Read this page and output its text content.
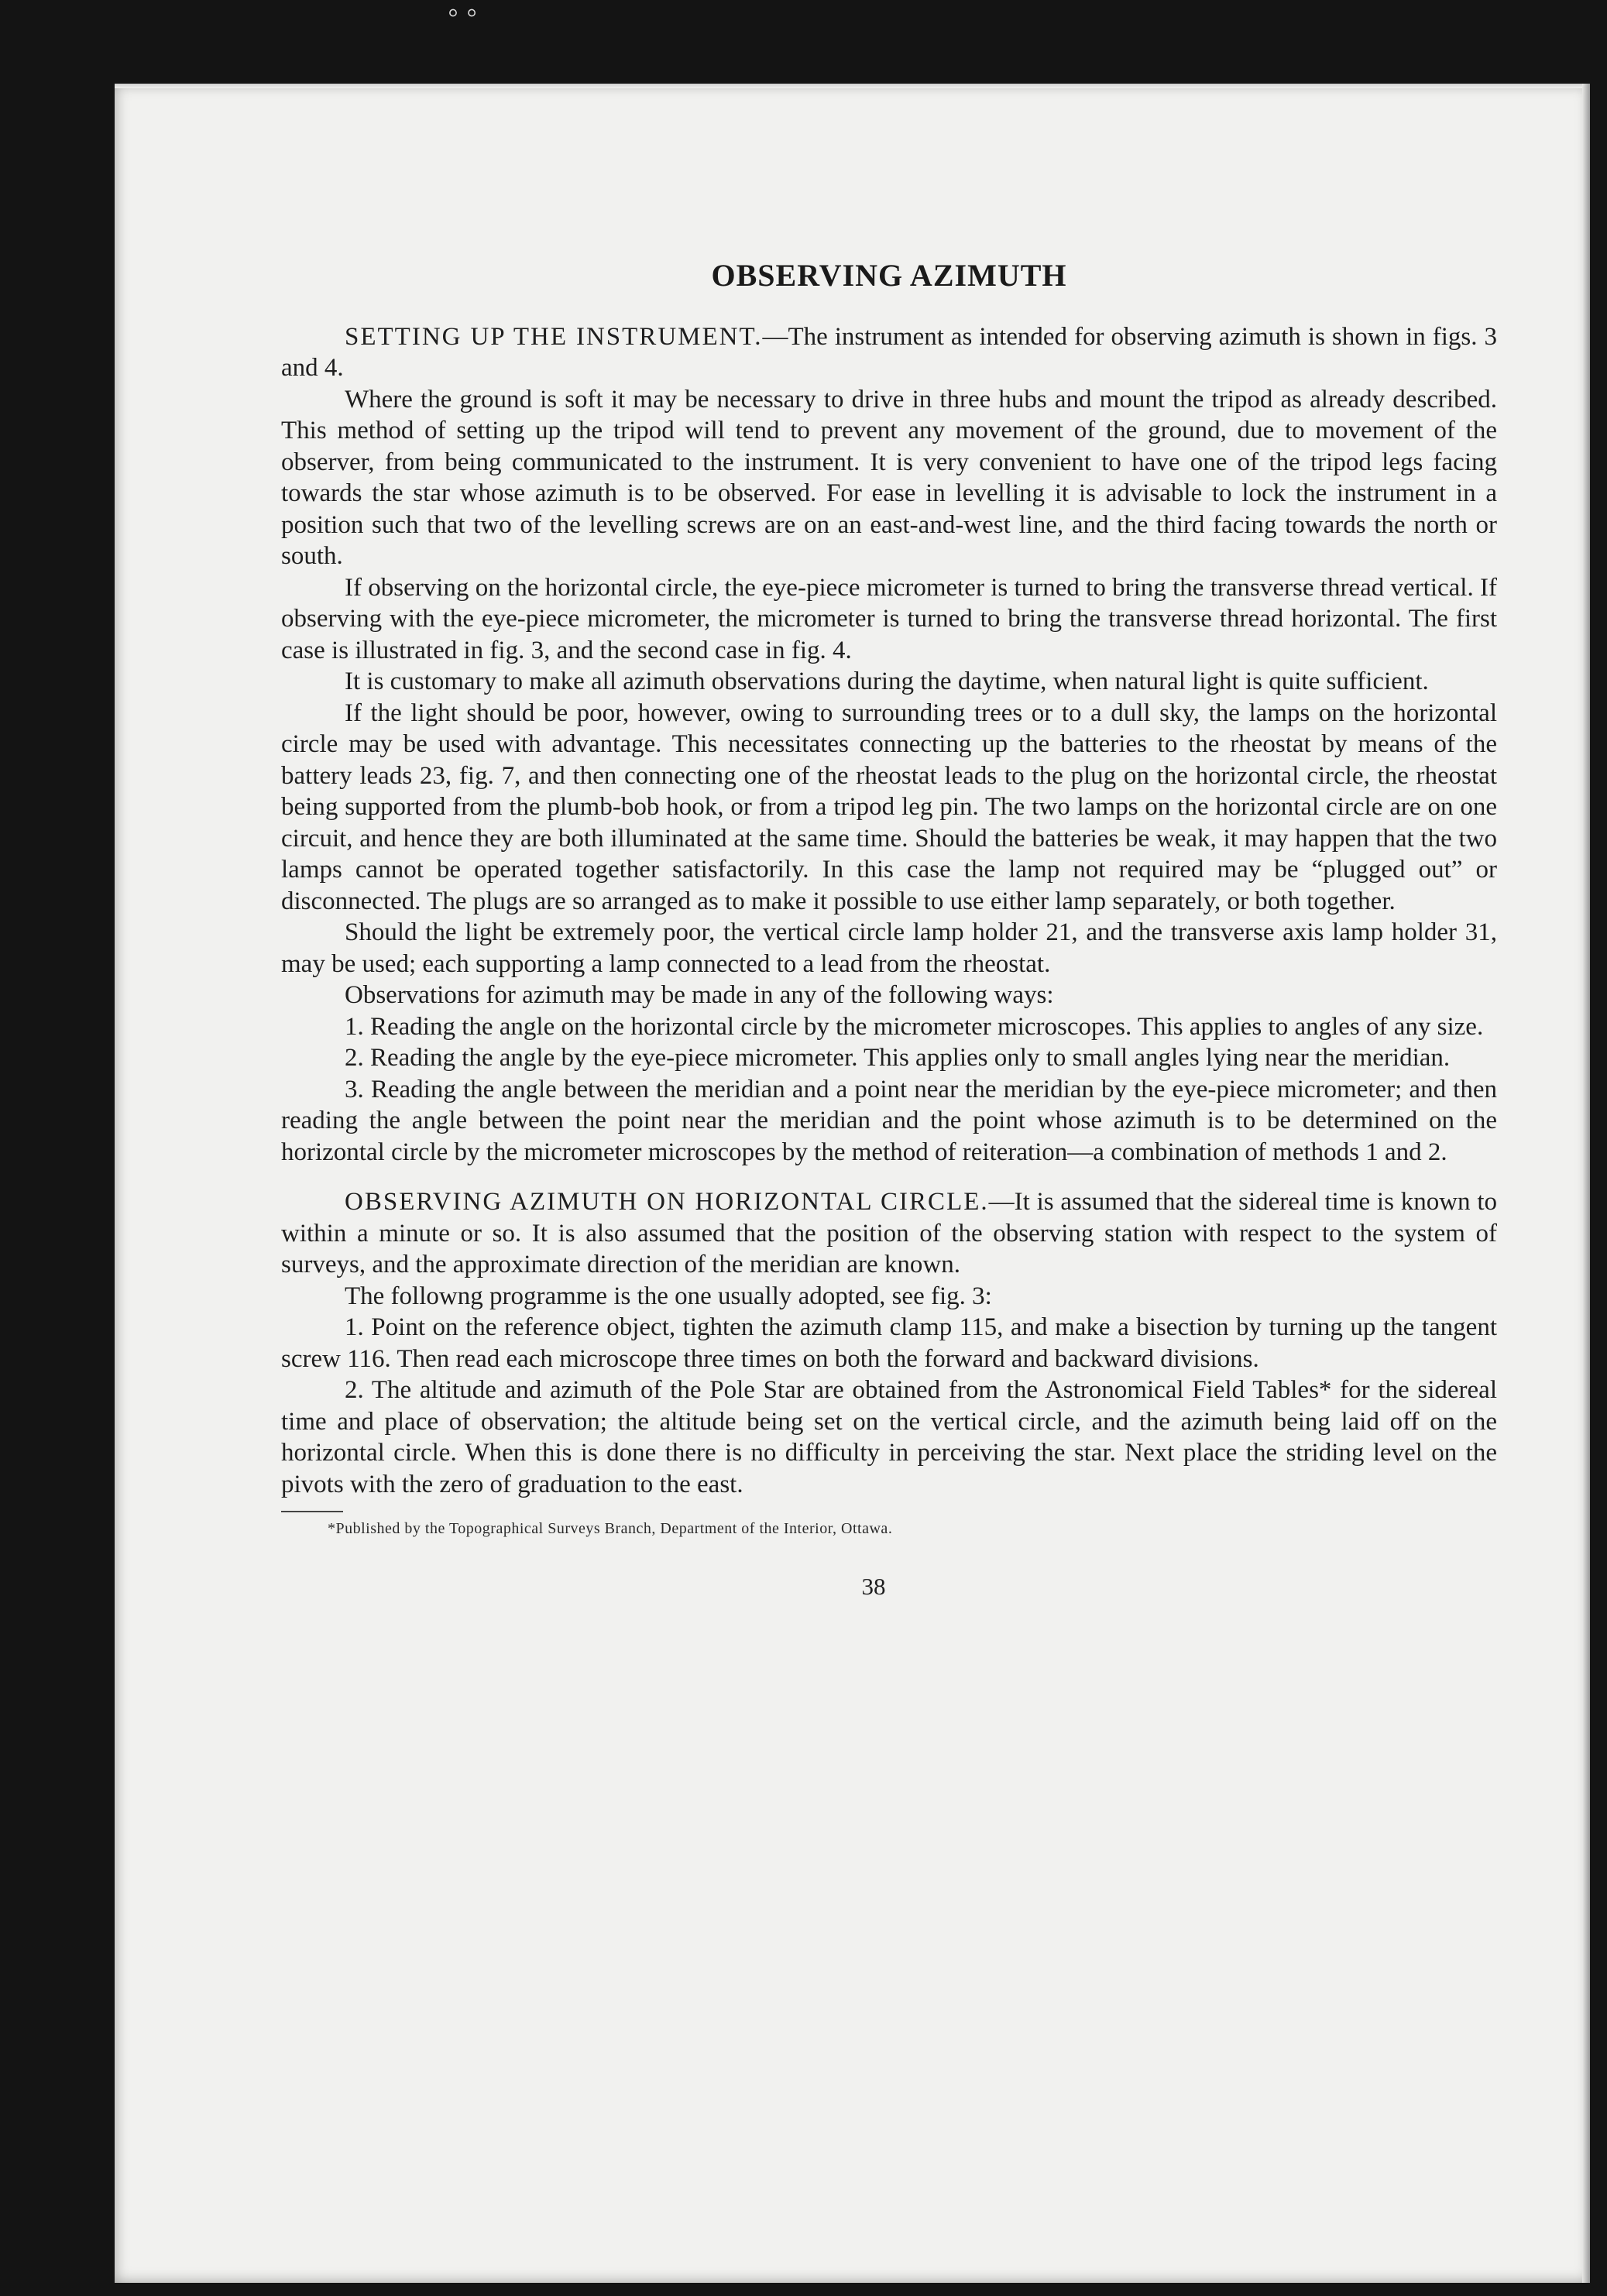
◦ ◦
OBSERVING AZIMUTH

SETTING UP THE INSTRUMENT.—The instrument as intended for observing azimuth is shown in figs. 3 and 4.

Where the ground is soft it may be necessary to drive in three hubs and mount the tripod as already described. This method of setting up the tripod will tend to prevent any movement of the ground, due to movement of the observer, from being communicated to the instrument. It is very convenient to have one of the tripod legs facing towards the star whose azimuth is to be observed. For ease in levelling it is advisable to lock the instrument in a position such that two of the levelling screws are on an east-and-west line, and the third facing towards the north or south.

If observing on the horizontal circle, the eye-piece micrometer is turned to bring the transverse thread vertical. If observing with the eye-piece micrometer, the micrometer is turned to bring the transverse thread horizontal. The first case is illustrated in fig. 3, and the second case in fig. 4.

It is customary to make all azimuth observations during the daytime, when natural light is quite sufficient.

If the light should be poor, however, owing to surrounding trees or to a dull sky, the lamps on the horizontal circle may be used with advantage. This necessitates connecting up the batteries to the rheostat by means of the battery leads 23, fig. 7, and then connecting one of the rheostat leads to the plug on the horizontal circle, the rheostat being supported from the plumb-bob hook, or from a tripod leg pin. The two lamps on the horizontal circle are on one circuit, and hence they are both illuminated at the same time. Should the batteries be weak, it may happen that the two lamps cannot be operated together satisfactorily. In this case the lamp not required may be “plugged out” or disconnected. The plugs are so arranged as to make it possible to use either lamp separately, or both together.

Should the light be extremely poor, the vertical circle lamp holder 21, and the transverse axis lamp holder 31, may be used; each supporting a lamp connected to a lead from the rheostat.

Observations for azimuth may be made in any of the following ways:

1. Reading the angle on the horizontal circle by the micrometer microscopes. This applies to angles of any size.

2. Reading the angle by the eye-piece micrometer. This applies only to small angles lying near the meridian.

3. Reading the angle between the meridian and a point near the meridian by the eye-piece micrometer; and then reading the angle between the point near the meridian and the point whose azimuth is to be determined on the horizontal circle by the micrometer microscopes by the method of reiteration—a combination of methods 1 and 2.

OBSERVING AZIMUTH ON HORIZONTAL CIRCLE.—It is assumed that the sidereal time is known to within a minute or so. It is also assumed that the position of the observing station with respect to the system of surveys, and the approximate direction of the meridian are known.

The followng programme is the one usually adopted, see fig. 3:

1. Point on the reference object, tighten the azimuth clamp 115, and make a bisection by turning up the tangent screw 116. Then read each microscope three times on both the forward and backward divisions.

2. The altitude and azimuth of the Pole Star are obtained from the Astronomical Field Tables* for the sidereal time and place of observation; the altitude being set on the vertical circle, and the azimuth being laid off on the horizontal circle. When this is done there is no difficulty in perceiving the star. Next place the striding level on the pivots with the zero of graduation to the east.

*Published by the Topographical Surveys Branch, Department of the Interior, Ottawa.
38
